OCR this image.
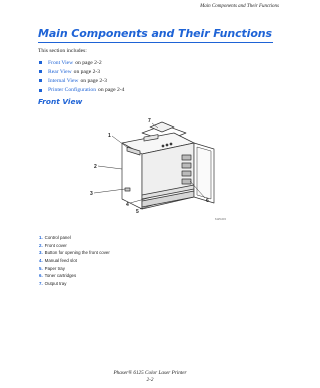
Main Components and Their Functions
Main Components and Their Functions
This section includes:
Front View on page 2-2
Rear View on page 2-3
Internal View on page 2-3
Printer Configuration on page 2-4
Front View
1
2
3
4
5
6
7
6125-015
1. Control panel
2. Front cover
3. Button for opening the front cover
4. Manual feed slot
5. Paper tray
6. Toner cartridges
7. Output tray
Phaser® 6125 Color Laser Printer
2-2
